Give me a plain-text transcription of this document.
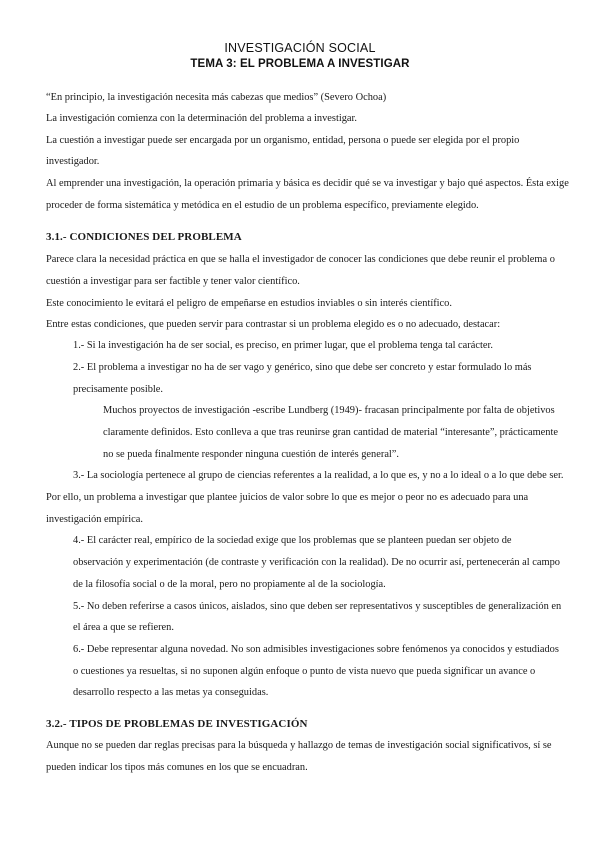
INVESTIGACIÓN SOCIAL
TEMA 3: EL PROBLEMA A INVESTIGAR
“En principio, la investigación necesita más cabezas que medios” (Severo Ochoa)
La investigación comienza con la determinación del problema a investigar.
La cuestión a investigar puede ser encargada por un organismo, entidad, persona o puede ser elegida por el propio
investigador.
Al emprender una investigación, la operación primaria y básica es decidir qué se va investigar y bajo qué aspectos. Ésta exige
proceder de forma sistemática y metódica en el estudio de un problema específico, previamente elegido.
3.1.- CONDICIONES DEL PROBLEMA
Parece clara la necesidad práctica en que se halla el investigador de conocer las condiciones que debe reunir el problema o
cuestión a investigar para ser factible y tener valor científico.
Este conocimiento le evitará el peligro de empeñarse en estudios inviables o sin interés científico.
Entre estas condiciones, que pueden servir para contrastar si un problema elegido es o no adecuado, destacar:
1.- Si la investigación ha de ser social, es preciso, en primer lugar, que el problema tenga tal carácter.
2.- El problema a investigar no ha de ser vago y genérico, sino que debe ser concreto y estar formulado lo más
precisamente posible.
Muchos proyectos de investigación -escribe Lundberg (1949)- fracasan principalmente por falta de objetivos
claramente definidos. Esto conlleva a que tras reunirse gran cantidad de material “interesante”, prácticamente
no se pueda finalmente responder ninguna cuestión de interés general”.
3.- La sociología pertenece al grupo de ciencias referentes a la realidad, a lo que es, y no a lo ideal o a lo que debe ser.
Por ello, un problema a investigar que plantee juicios de valor sobre lo que es mejor o peor no es adecuado para una
investigación empírica.
4.- El carácter real, empírico de la sociedad exige que los problemas que se planteen puedan ser objeto de
observación y experimentación (de contraste y verificación con la realidad). De no ocurrir así, pertenecerán al campo
de la filosofía social o de la moral, pero no propiamente al de la sociología.
5.- No deben referirse a casos únicos, aislados, sino que deben ser representativos y susceptibles de generalización en
el área a que se refieren.
6.- Debe representar alguna novedad. No son admisibles investigaciones sobre fenómenos ya conocidos y estudiados
o cuestiones ya resueltas, si no suponen algún enfoque o punto de vista nuevo que pueda significar un avance o
desarrollo respecto a las metas ya conseguidas.
3.2.- TIPOS DE PROBLEMAS DE INVESTIGACIÓN
Aunque no se pueden dar reglas precisas para la búsqueda y hallazgo de temas de investigación social significativos, sí se
pueden indicar los tipos más comunes en los que se encuadran.
